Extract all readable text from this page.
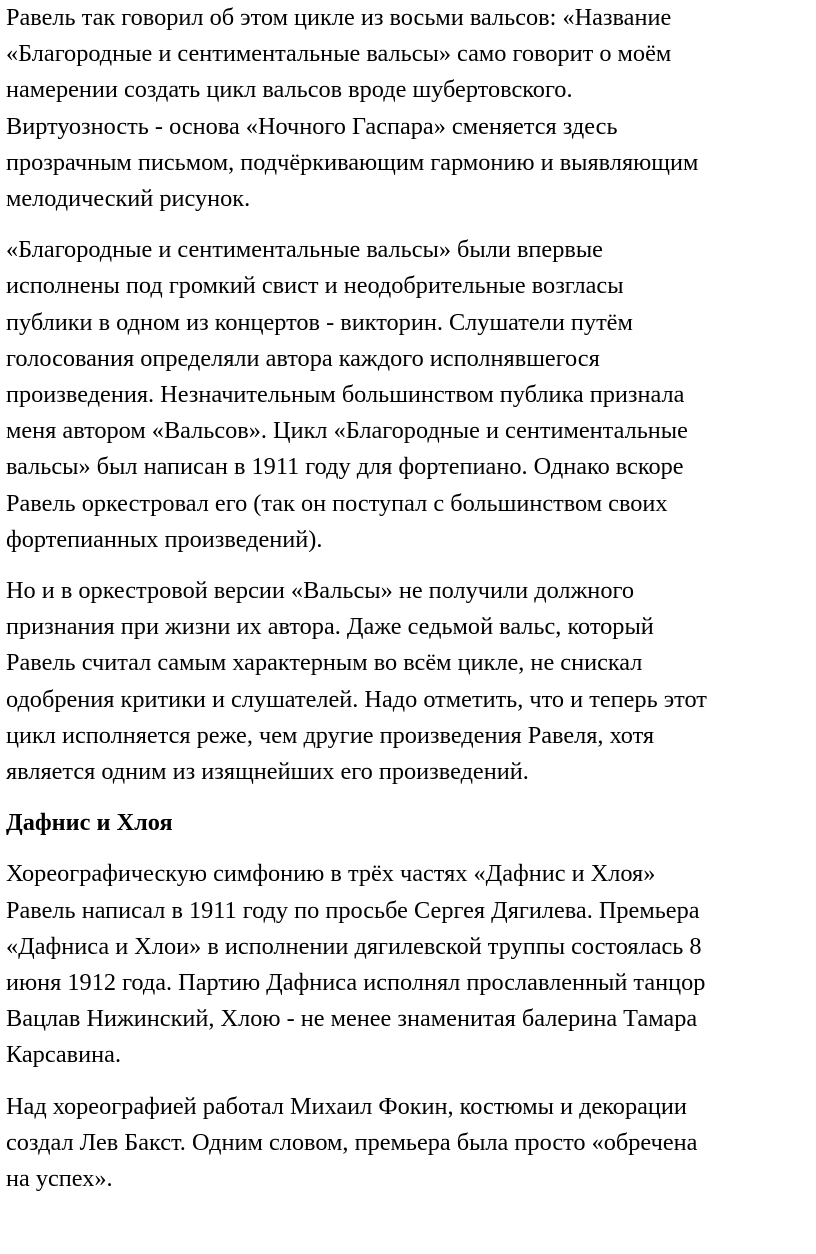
Равель так говорил об этом цикле из восьми вальсов: «Название
«Благородные и сентиментальные вальсы» само говорит о моём
намерении создать цикл вальсов вроде шубертовского.
Виртуозность - основа «Ночного Гаспара» сменяется здесь
прозрачным письмом, подчёркивающим гармонию и выявляющим
мелодический рисунок.

«Благородные и сентиментальные вальсы» были впервые
исполнены под громкий свист и неодобрительные возгласы
публики в одном из концертов - викторин. Слушатели путём
голосования определяли автора каждого исполнявшегося
произведения. Незначительным большинством публика признала
меня автором «Вальсов». Цикл «Благородные и сентиментальные
вальсы» был написан в 1911 году для фортепиано. Однако вскоре
Равель оркестровал его (так он поступал с большинством своих
фортепианных произведений).

Но и в оркестровой версии «Вальсы» не получили должного
признания при жизни их автора. Даже седьмой вальс, который
Равель считал самым характерным во всём цикле, не снискал
одобрения критики и слушателей. Надо отметить, что и теперь этот
цикл исполняется реже, чем другие произведения Равеля, хотя
является одним из изящнейших его произведений.

Дафнис и Хлоя

Хореографическую симфонию в трёх частях «Дафнис и Хлоя»
Равель написал в 1911 году по просьбе Сергея Дягилева. Премьера
«Дафниса и Хлои» в исполнении дягилевской труппы состоялась 8
июня 1912 года. Партию Дафниса исполнял прославленный танцор
Вацлав Нижинский, Хлою - не менее знаменитая балерина Тамара
Карсавина.

Над хореографией работал Михаил Фокин, костюмы и декорации
создал Лев Бакст. Одним словом, премьера была просто «обречена
на успех».
